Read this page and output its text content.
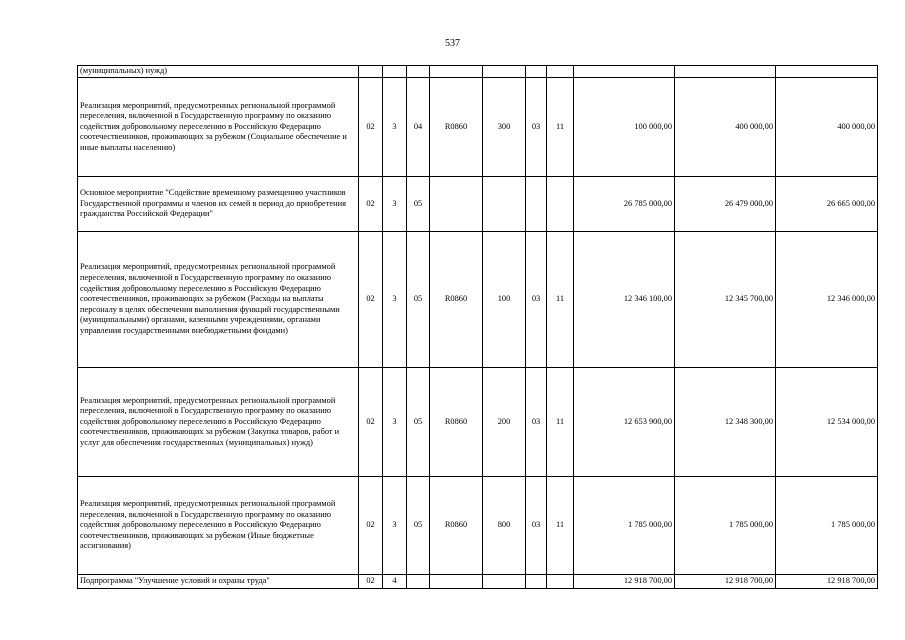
537
(муниципальных) нужд)										
Реализация мероприятий, предусмотренных региональной программой переселения, включенной в Государственную программу по оказанию содействия добровольному переселению в Российскую Федерацию соотечественников, проживающих за рубежом (Социальное обеспечение и иные выплаты населению)	02	3	04	R0860	300	03	11	100 000,00	400 000,00	400 000,00
Основное мероприятие "Содействие временному размещению участников Государственной программы и членов их семей в период до приобретения гражданства Российской Федерации"	02	3	05					26 785 000,00	26 479 000,00	26 665 000,00
Реализация мероприятий, предусмотренных региональной программой переселения, включенной в Государственную программу по оказанию содействия добровольному переселению в Российскую Федерацию соотечественников, проживающих за рубежом (Расходы на выплаты персоналу в целях обеспечения выполнения функций государственными (муниципальными) органами, казенными учреждениями, органами управления государственными внебюджетными фондами)	02	3	05	R0860	100	03	11	12 346 100,00	12 345 700,00	12 346 000,00
Реализация мероприятий, предусмотренных региональной программой переселения, включенной в Государственную программу по оказанию содействия добровольному переселению в Российскую Федерацию соотечественников, проживающих за рубежом (Закупка товаров, работ и услуг для обеспечения государственных (муниципальных) нужд)	02	3	05	R0860	200	03	11	12 653 900,00	12 348 300,00	12 534 000,00
Реализация мероприятий, предусмотренных региональной программой переселения, включенной в Государственную программу по оказанию содействия добровольному переселению в Российскую Федерацию соотечественников, проживающих за рубежом (Иные бюджетные ассигнования)	02	3	05	R0860	800	03	11	1 785 000,00	1 785 000,00	1 785 000,00
Подпрограмма "Улучшение условий и охраны труда"	02	4						12 918 700,00	12 918 700,00	12 918 700,00
